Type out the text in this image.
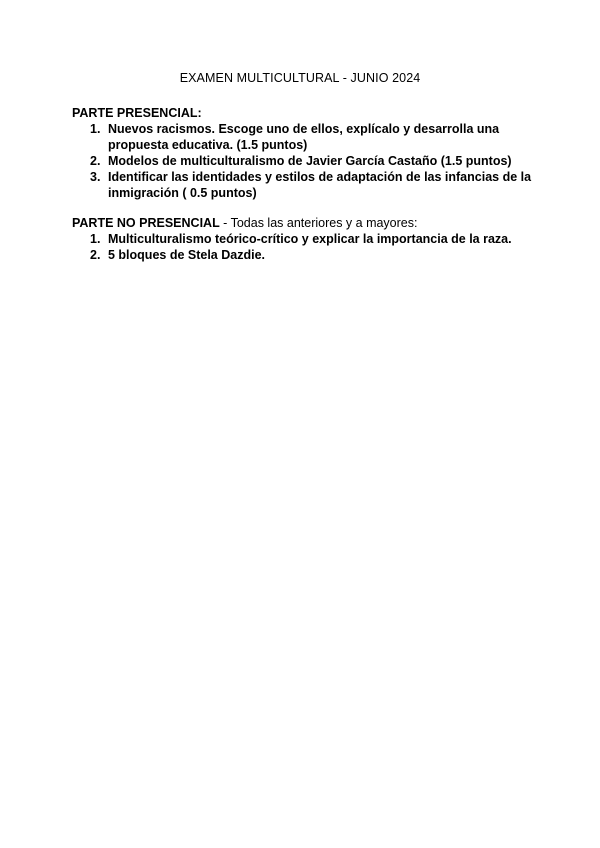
EXAMEN MULTICULTURAL - JUNIO 2024

PARTE PRESENCIAL:

1. Nuevos racismos. Escoge uno de ellos, explícalo y desarrolla una propuesta educativa. (1.5 puntos)
2. Modelos de multiculturalismo de Javier García Castaño (1.5 puntos)
3. Identificar las identidades y estilos de adaptación de las infancias de la inmigración ( 0.5 puntos)

PARTE NO PRESENCIAL - Todas las anteriores y a mayores:

1. Multiculturalismo teórico-crítico y explicar la importancia de la raza.
2. 5 bloques de Stela Dazdie.
